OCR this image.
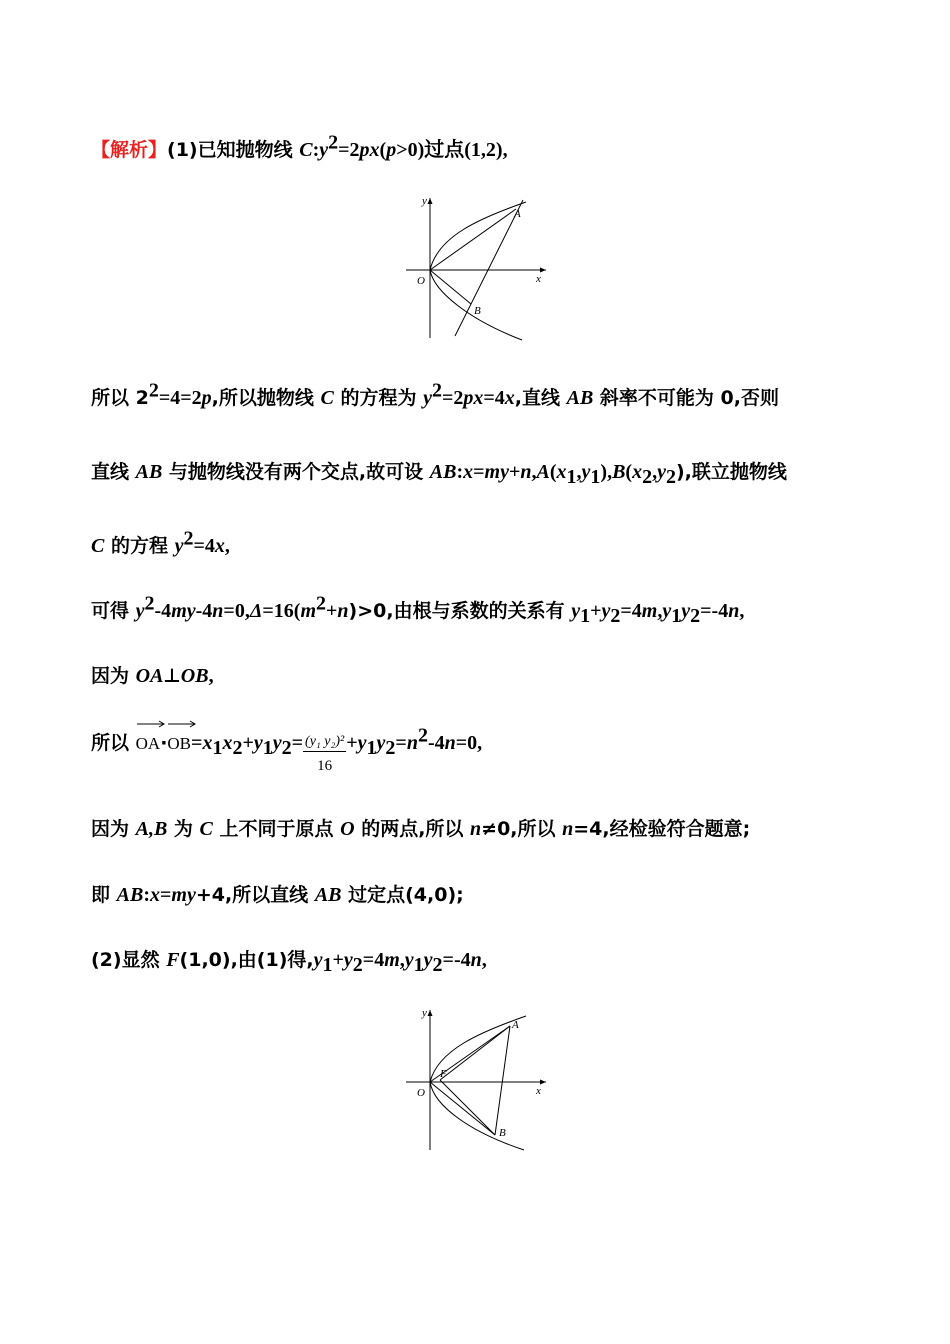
【解析】(1)已知抛物线 $C:y^2=2px(p>0)$过点(1,2),
y
x
O
A
B
所以 $2^2=4=2p$,所以抛物线 C 的方程为 $y^2=2px=4x$,直线 AB 斜率不可能为 0,否则
直线 AB 与抛物线没有两个交点,故可设 $AB:x=my+n,A(x_1,y_1),B(x_2,y_2)$,联立抛物线
C 的方程 $y^2=4x$,
可得 $y^2-4my-4n=0,\Delta=16(m^2+n)>0$,由根与系数的关系有 $y_1+y_2=4m,y_1y_2=-4n$,
因为 OA⊥OB,
所以
OA·
$OB=x_1x_2+y_1y_2= \frac{\text{(y₁ y₂)²}}{16} +y_1y_2=n^2-4n=0$,
因为 A,B 为 C 上不同于原点 O 的两点,所以 n≠0,所以 n=4,经检验符合题意;
即 AB:x=my+4,所以直线 AB 过定点(4,0);
(2)显然 F(1,0),由(1)得$,y_1+y_2=4m,y_1y_2=-4n$,
y
x
O
F
A
B
